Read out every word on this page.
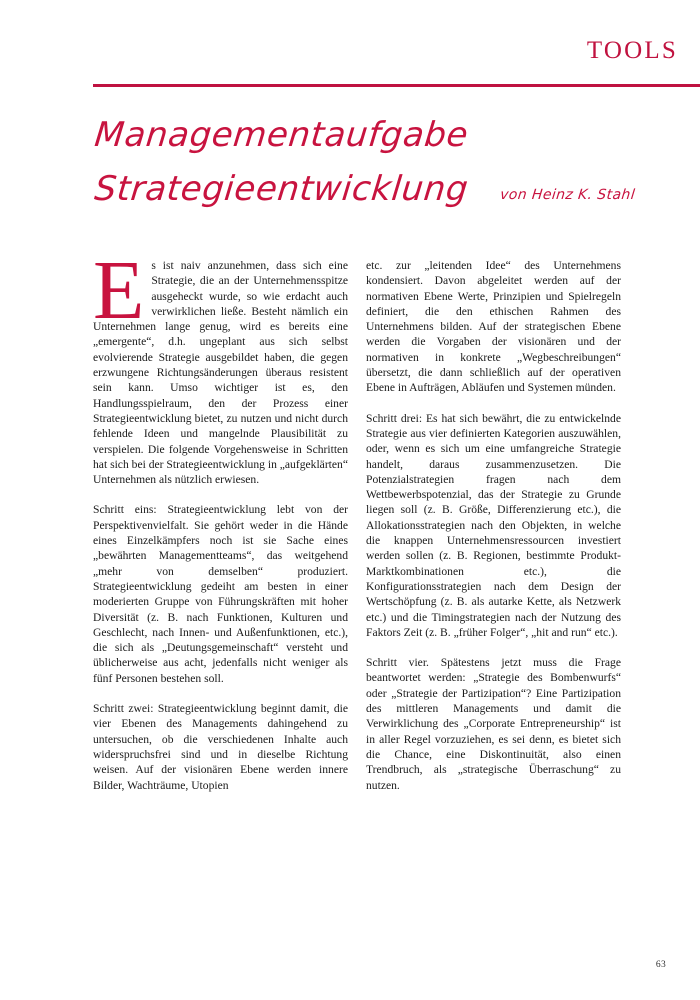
TOOLS
Managementaufgabe
Strategieentwicklung von Heinz K. Stahl

Es ist naiv anzunehmen, dass sich eine Strategie, die an der Unternehmensspitze ausgeheckt wurde, so wie erdacht auch verwirklichen ließe. Besteht nämlich ein Unternehmen lange genug, wird es bereits eine „emergente“, d.h. ungeplant aus sich selbst evolvierende Strategie ausgebildet haben, die gegen erzwungene Richtungsänderungen überaus resistent sein kann. Umso wichtiger ist es, den Handlungsspielraum, den der Prozess einer Strategieentwicklung bietet, zu nutzen und nicht durch fehlende Ideen und mangelnde Plausibilität zu verspielen. Die folgende Vorgehensweise in Schritten hat sich bei der Strategieentwicklung in „aufgeklärten“ Unternehmen als nützlich erwiesen.

Schritt eins: Strategieentwicklung lebt von der Perspektivenvielfalt. Sie gehört weder in die Hände eines Einzelkämpfers noch ist sie Sache eines „bewährten Managementteams“, das weitgehend „mehr von demselben“ produziert. Strategieentwicklung gedeiht am besten in einer moderierten Gruppe von Führungskräften mit hoher Diversität (z. B. nach Funktionen, Kulturen und Geschlecht, nach Innen- und Außenfunktionen, etc.), die sich als „Deutungsgemeinschaft“ versteht und üblicherweise aus acht, jedenfalls nicht weniger als fünf Personen bestehen soll.

Schritt zwei: Strategieentwicklung beginnt damit, die vier Ebenen des Managements dahingehend zu untersuchen, ob die verschiedenen Inhalte auch widerspruchsfrei sind und in dieselbe Richtung weisen. Auf der visionären Ebene werden innere Bilder, Wachträume, Utopien

etc. zur „leitenden Idee“ des Unternehmens kondensiert. Davon abgeleitet werden auf der normativen Ebene Werte, Prinzipien und Spielregeln definiert, die den ethischen Rahmen des Unternehmens bilden. Auf der strategischen Ebene werden die Vorgaben der visionären und der normativen in konkrete „Wegbeschreibungen“ übersetzt, die dann schließlich auf der operativen Ebene in Aufträgen, Abläufen und Systemen münden.

Schritt drei: Es hat sich bewährt, die zu entwickelnde Strategie aus vier definierten Kategorien auszuwählen, oder, wenn es sich um eine umfangreiche Strategie handelt, daraus zusammenzusetzen. Die Potenzialstrategien fragen nach dem Wettbewerbspotenzial, das der Strategie zu Grunde liegen soll (z. B. Größe, Differenzierung etc.), die Allokationsstrategien nach den Objekten, in welche die knappen Unternehmensressourcen investiert werden sollen (z. B. Regionen, bestimmte Produkt-Marktkombinationen etc.), die Konfigurationsstrategien nach dem Design der Wertschöpfung (z. B. als autarke Kette, als Netzwerk etc.) und die Timingstrategien nach der Nutzung des Faktors Zeit (z. B. „früher Folger“, „hit and run“ etc.).

Schritt vier. Spätestens jetzt muss die Frage beantwortet werden: „Strategie des Bombenwurfs“ oder „Strategie der Partizipation“? Eine Partizipation des mittleren Managements und damit die Verwirklichung des „Corporate Entrepreneurship“ ist in aller Regel vorzuziehen, es sei denn, es bietet sich die Chance, eine Diskontinuität, also einen Trendbruch, als „strategische Überraschung“ zu nutzen.

63
